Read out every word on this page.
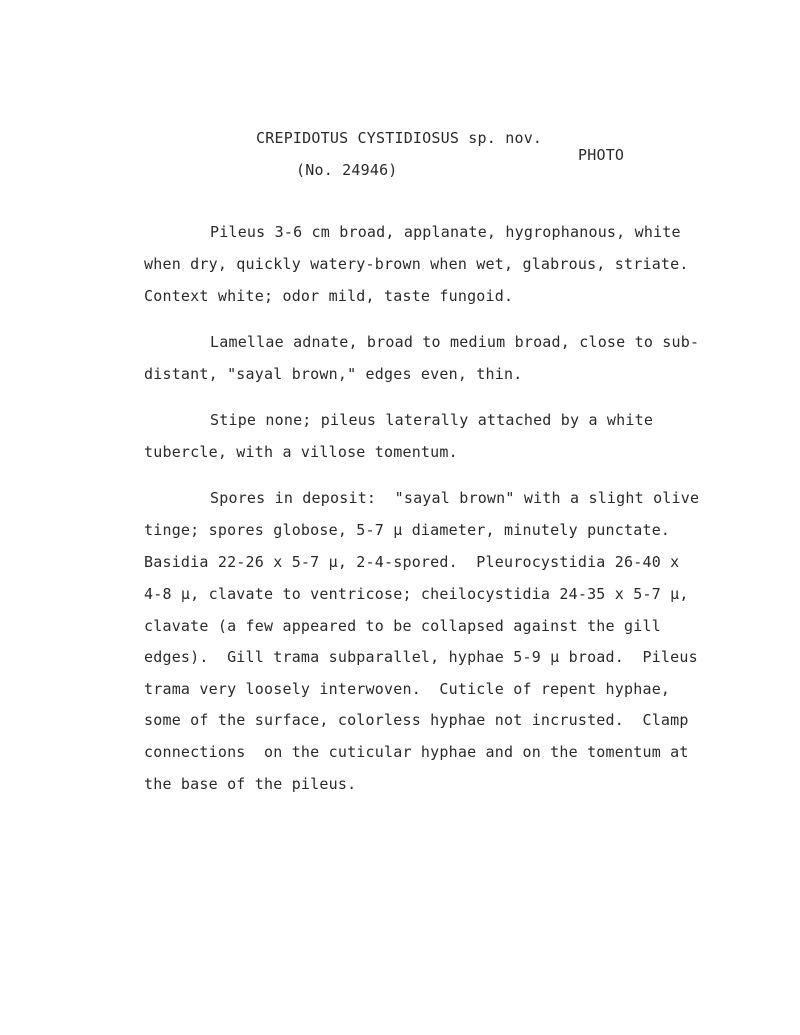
CREPIDOTUS CYSTIDIOSUS sp. nov.
PHOTO
(No. 24946)
Pileus 3-6 cm broad, applanate, hygrophanous, white
when dry, quickly watery-brown when wet, glabrous, striate.
Context white; odor mild, taste fungoid.
Lamellae adnate, broad to medium broad, close to sub-
distant, "sayal brown," edges even, thin.
Stipe none; pileus laterally attached by a white
tubercle, with a villose tomentum.
Spores in deposit:  "sayal brown" with a slight olive
tinge; spores globose, 5-7 µ diameter, minutely punctate.
Basidia 22-26 x 5-7 µ, 2-4-spored.  Pleurocystidia 26-40 x
4-8 µ, clavate to ventricose; cheilocystidia 24-35 x 5-7 µ,
clavate (a few appeared to be collapsed against the gill
edges).  Gill trama subparallel, hyphae 5-9 µ broad.  Pileus
trama very loosely interwoven.  Cuticle of repent hyphae,
some of the surface, colorless hyphae not incrusted.  Clamp
connections  on the cuticular hyphae and on the tomentum at
the base of the pileus.
